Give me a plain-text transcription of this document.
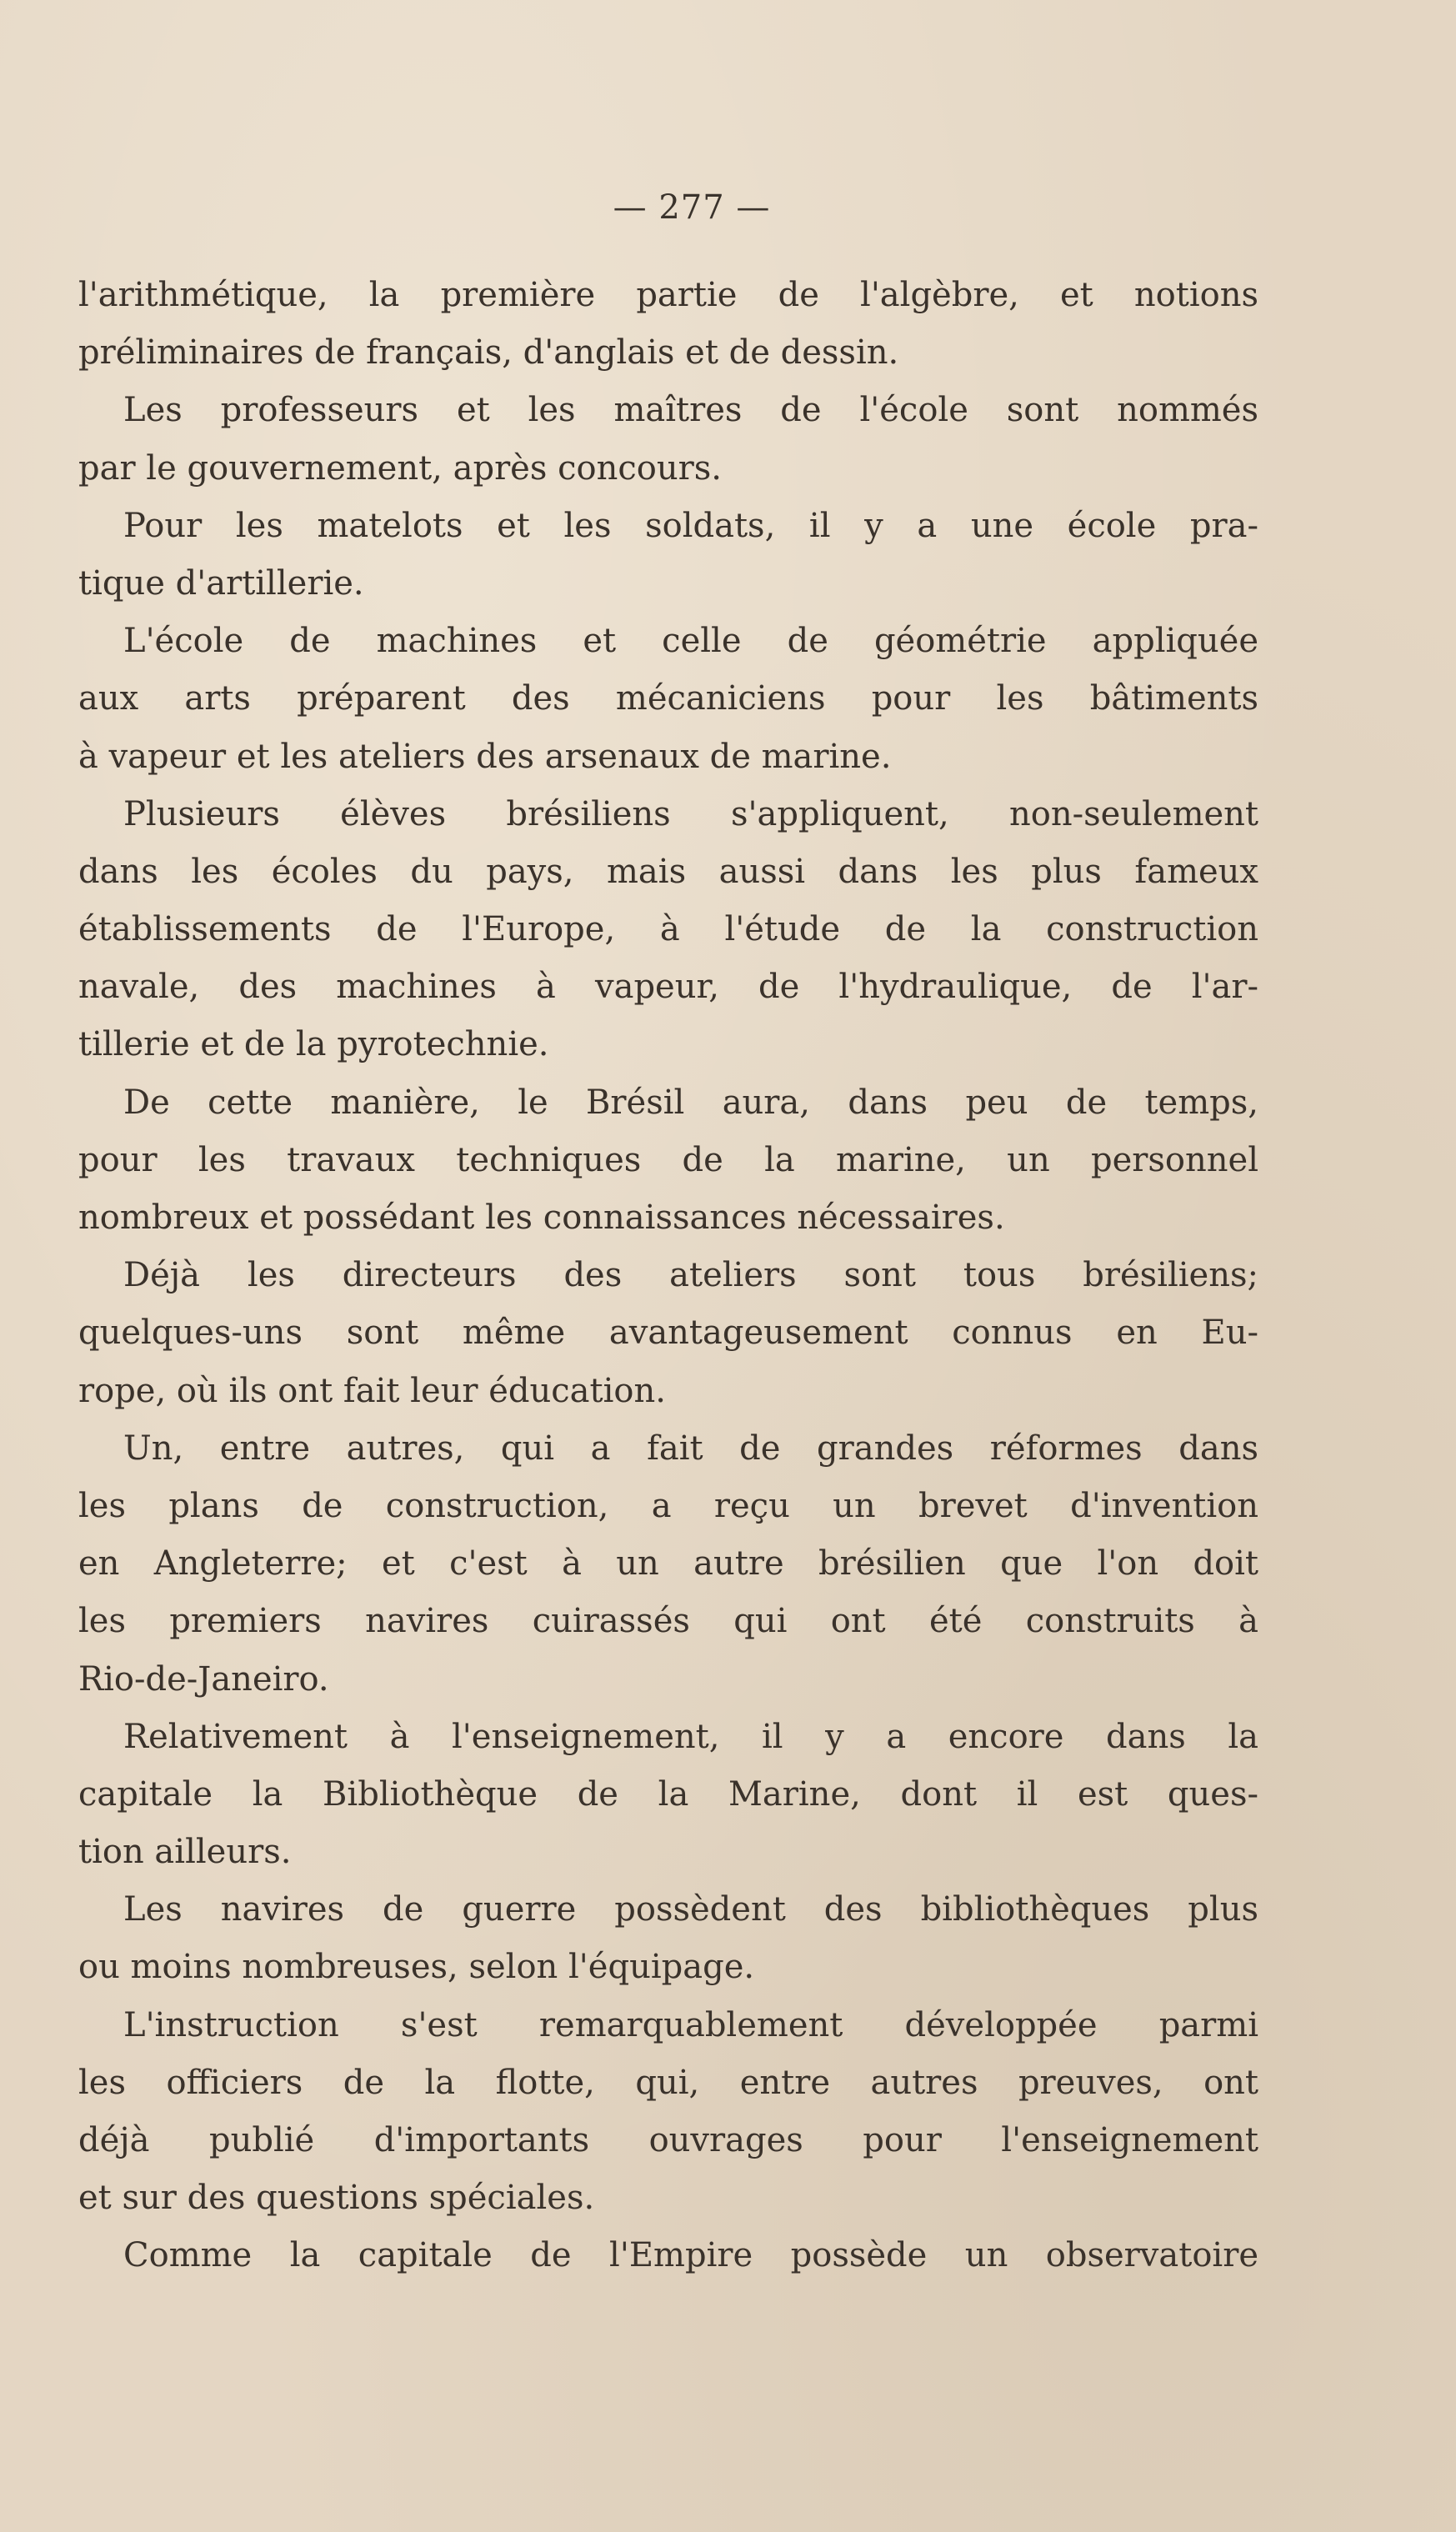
— 277 —
l'arithmétique, la première partie de l'algèbre, et notions
préliminaires de français, d'anglais et de dessin.
Les professeurs et les maîtres de l'école sont nommés
par le gouvernement, après concours.
Pour les matelots et les soldats, il y a une école pra-
tique d'artillerie.
L'école de machines et celle de géométrie appliquée
aux arts préparent des mécaniciens pour les bâtiments
à vapeur et les ateliers des arsenaux de marine.
Plusieurs élèves brésiliens s'appliquent, non-seulement
dans les écoles du pays, mais aussi dans les plus fameux
établissements de l'Europe, à l'étude de la construction
navale, des machines à vapeur, de l'hydraulique, de l'ar-
tillerie et de la pyrotechnie.
De cette manière, le Brésil aura, dans peu de temps,
pour les travaux techniques de la marine, un personnel
nombreux et possédant les connaissances nécessaires.
Déjà les directeurs des ateliers sont tous brésiliens;
quelques-uns sont même avantageusement connus en Eu-
rope, où ils ont fait leur éducation.
Un, entre autres, qui a fait de grandes réformes dans
les plans de construction, a reçu un brevet d'invention
en Angleterre; et c'est à un autre brésilien que l'on doit
les premiers navires cuirassés qui ont été construits à
Rio-de-Janeiro.
Relativement à l'enseignement, il y a encore dans la
capitale la Bibliothèque de la Marine, dont il est ques-
tion ailleurs.
Les navires de guerre possèdent des bibliothèques plus
ou moins nombreuses, selon l'équipage.
L'instruction s'est remarquablement développée parmi
les officiers de la flotte, qui, entre autres preuves, ont
déjà publié d'importants ouvrages pour l'enseignement
et sur des questions spéciales.
Comme la capitale de l'Empire possède un observatoire
